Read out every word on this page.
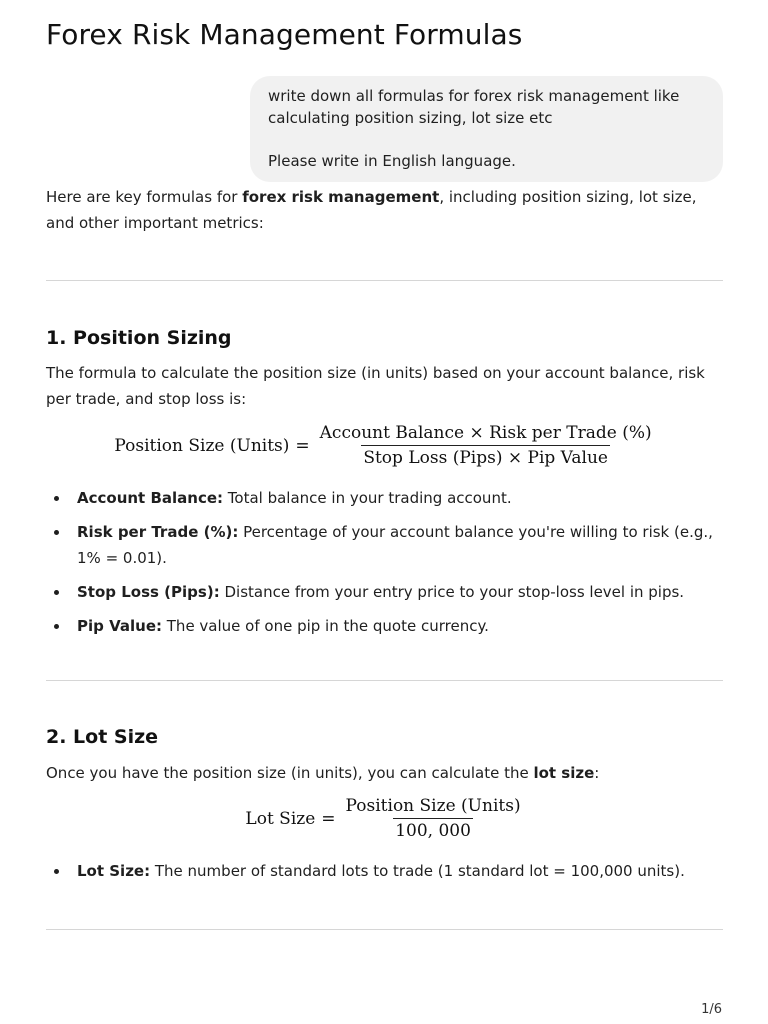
Forex Risk Management Formulas

write down all formulas for forex risk management like calculating position sizing, lot size etc

Please write in English language.

Here are key formulas for forex risk management, including position sizing, lot size, and other important metrics:

1. Position Sizing

The formula to calculate the position size (in units) based on your account balance, risk per trade, and stop loss is:

Position Size (Units) = $\frac{\text{Account Balance × Risk per Trade (\%)}}{\text{Stop Loss (Pips) × Pip Value}}$
Account Balance: Total balance in your trading account.
Risk per Trade (%): Percentage of your account balance you're willing to risk (e.g., 1% = 0.01).
Stop Loss (Pips): Distance from your entry price to your stop-loss level in pips.
Pip Value: The value of one pip in the quote currency.
2. Lot Size

Once you have the position size (in units), you can calculate the lot size:

Lot Size = $\frac{\text{Position Size (Units)}}{100, 000}$
Lot Size: The number of standard lots to trade (1 standard lot = 100,000 units).
1/6
